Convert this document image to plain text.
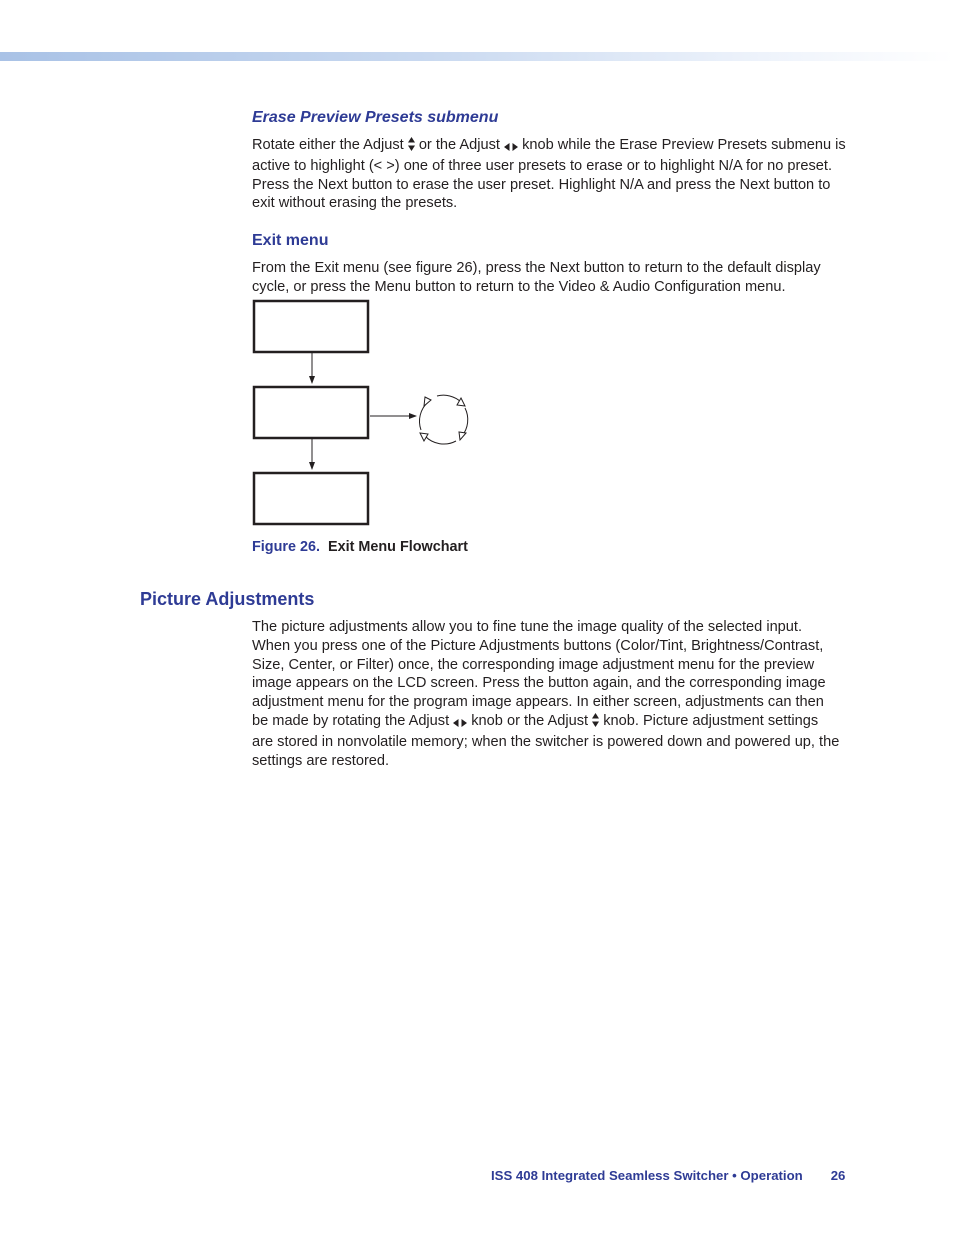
Erase Preview Presets submenu

Rotate either the Adjust  or the Adjust  knob while the Erase Preview Presets submenu is
active to highlight (< >) one of three user presets to erase or to highlight N/A for no preset.
Press the Next button to erase the user preset. Highlight N/A and press the Next button to
exit without erasing the presets.

Exit menu

From the Exit menu (see figure 26), press the Next button to return to the default display
cycle, or press the Menu button to return to the Video & Audio Configuration menu.

Figure 26. Exit Menu Flowchart

Picture Adjustments

The picture adjustments allow you to fine tune the image quality of the selected input.
When you press one of the Picture Adjustments buttons (Color/Tint, Brightness/Contrast,
Size, Center, or Filter) once, the corresponding image adjustment menu for the preview
image appears on the LCD screen. Press the button again, and the corresponding image
adjustment menu for the program image appears. In either screen, adjustments can then
be made by rotating the Adjust  knob or the Adjust  knob. Picture adjustment settings
are stored in nonvolatile memory; when the switcher is powered down and powered up, the
settings are restored.

ISS 408 Integrated Seamless Switcher • Operation 26
